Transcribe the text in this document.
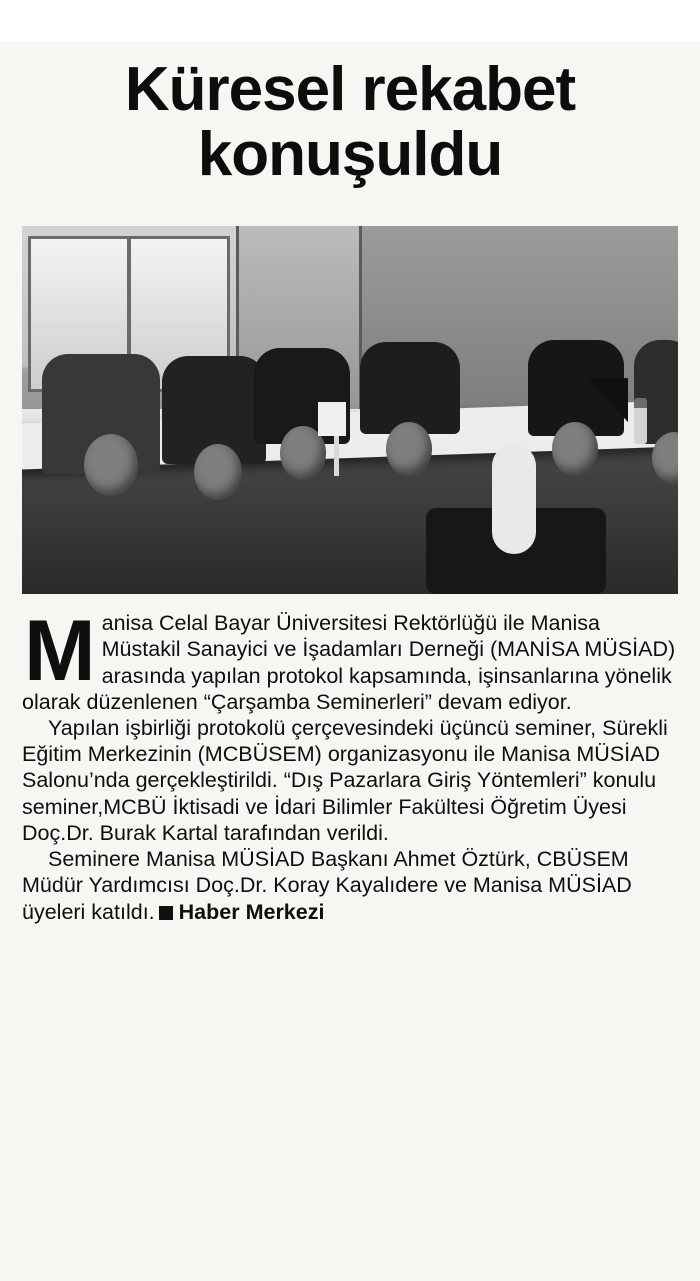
Küresel rekabet
konuşuldu

Manisa Celal Bayar Üniversitesi Rektörlüğü ile Manisa Müstakil Sanayici ve İşadamları Derneği (MANİSA MÜSİAD) arasında yapılan protokol kapsamında, işinsanlarına yönelik olarak düzenlenen “Çarşamba Seminerleri” devam ediyor.

Yapılan işbirliği protokolü çerçevesindeki üçüncü seminer, Sürekli Eğitim Merkezinin (MCBÜSEM) organizasyonu ile Manisa MÜSİAD Salonu’nda gerçekleştirildi. “Dış Pazarlara Giriş Yöntemleri” konulu seminer,MCBÜ İktisadi ve İdari Bilimler Fakültesi Öğretim Üyesi Doç.Dr. Burak Kartal tarafından verildi.

Seminere Manisa MÜSİAD Başkanı Ahmet Öztürk, CBÜSEM Müdür Yardımcısı Doç.Dr. Koray Kayalıdere ve Manisa MÜSİAD üyeleri katıldı. Haber Merkezi
